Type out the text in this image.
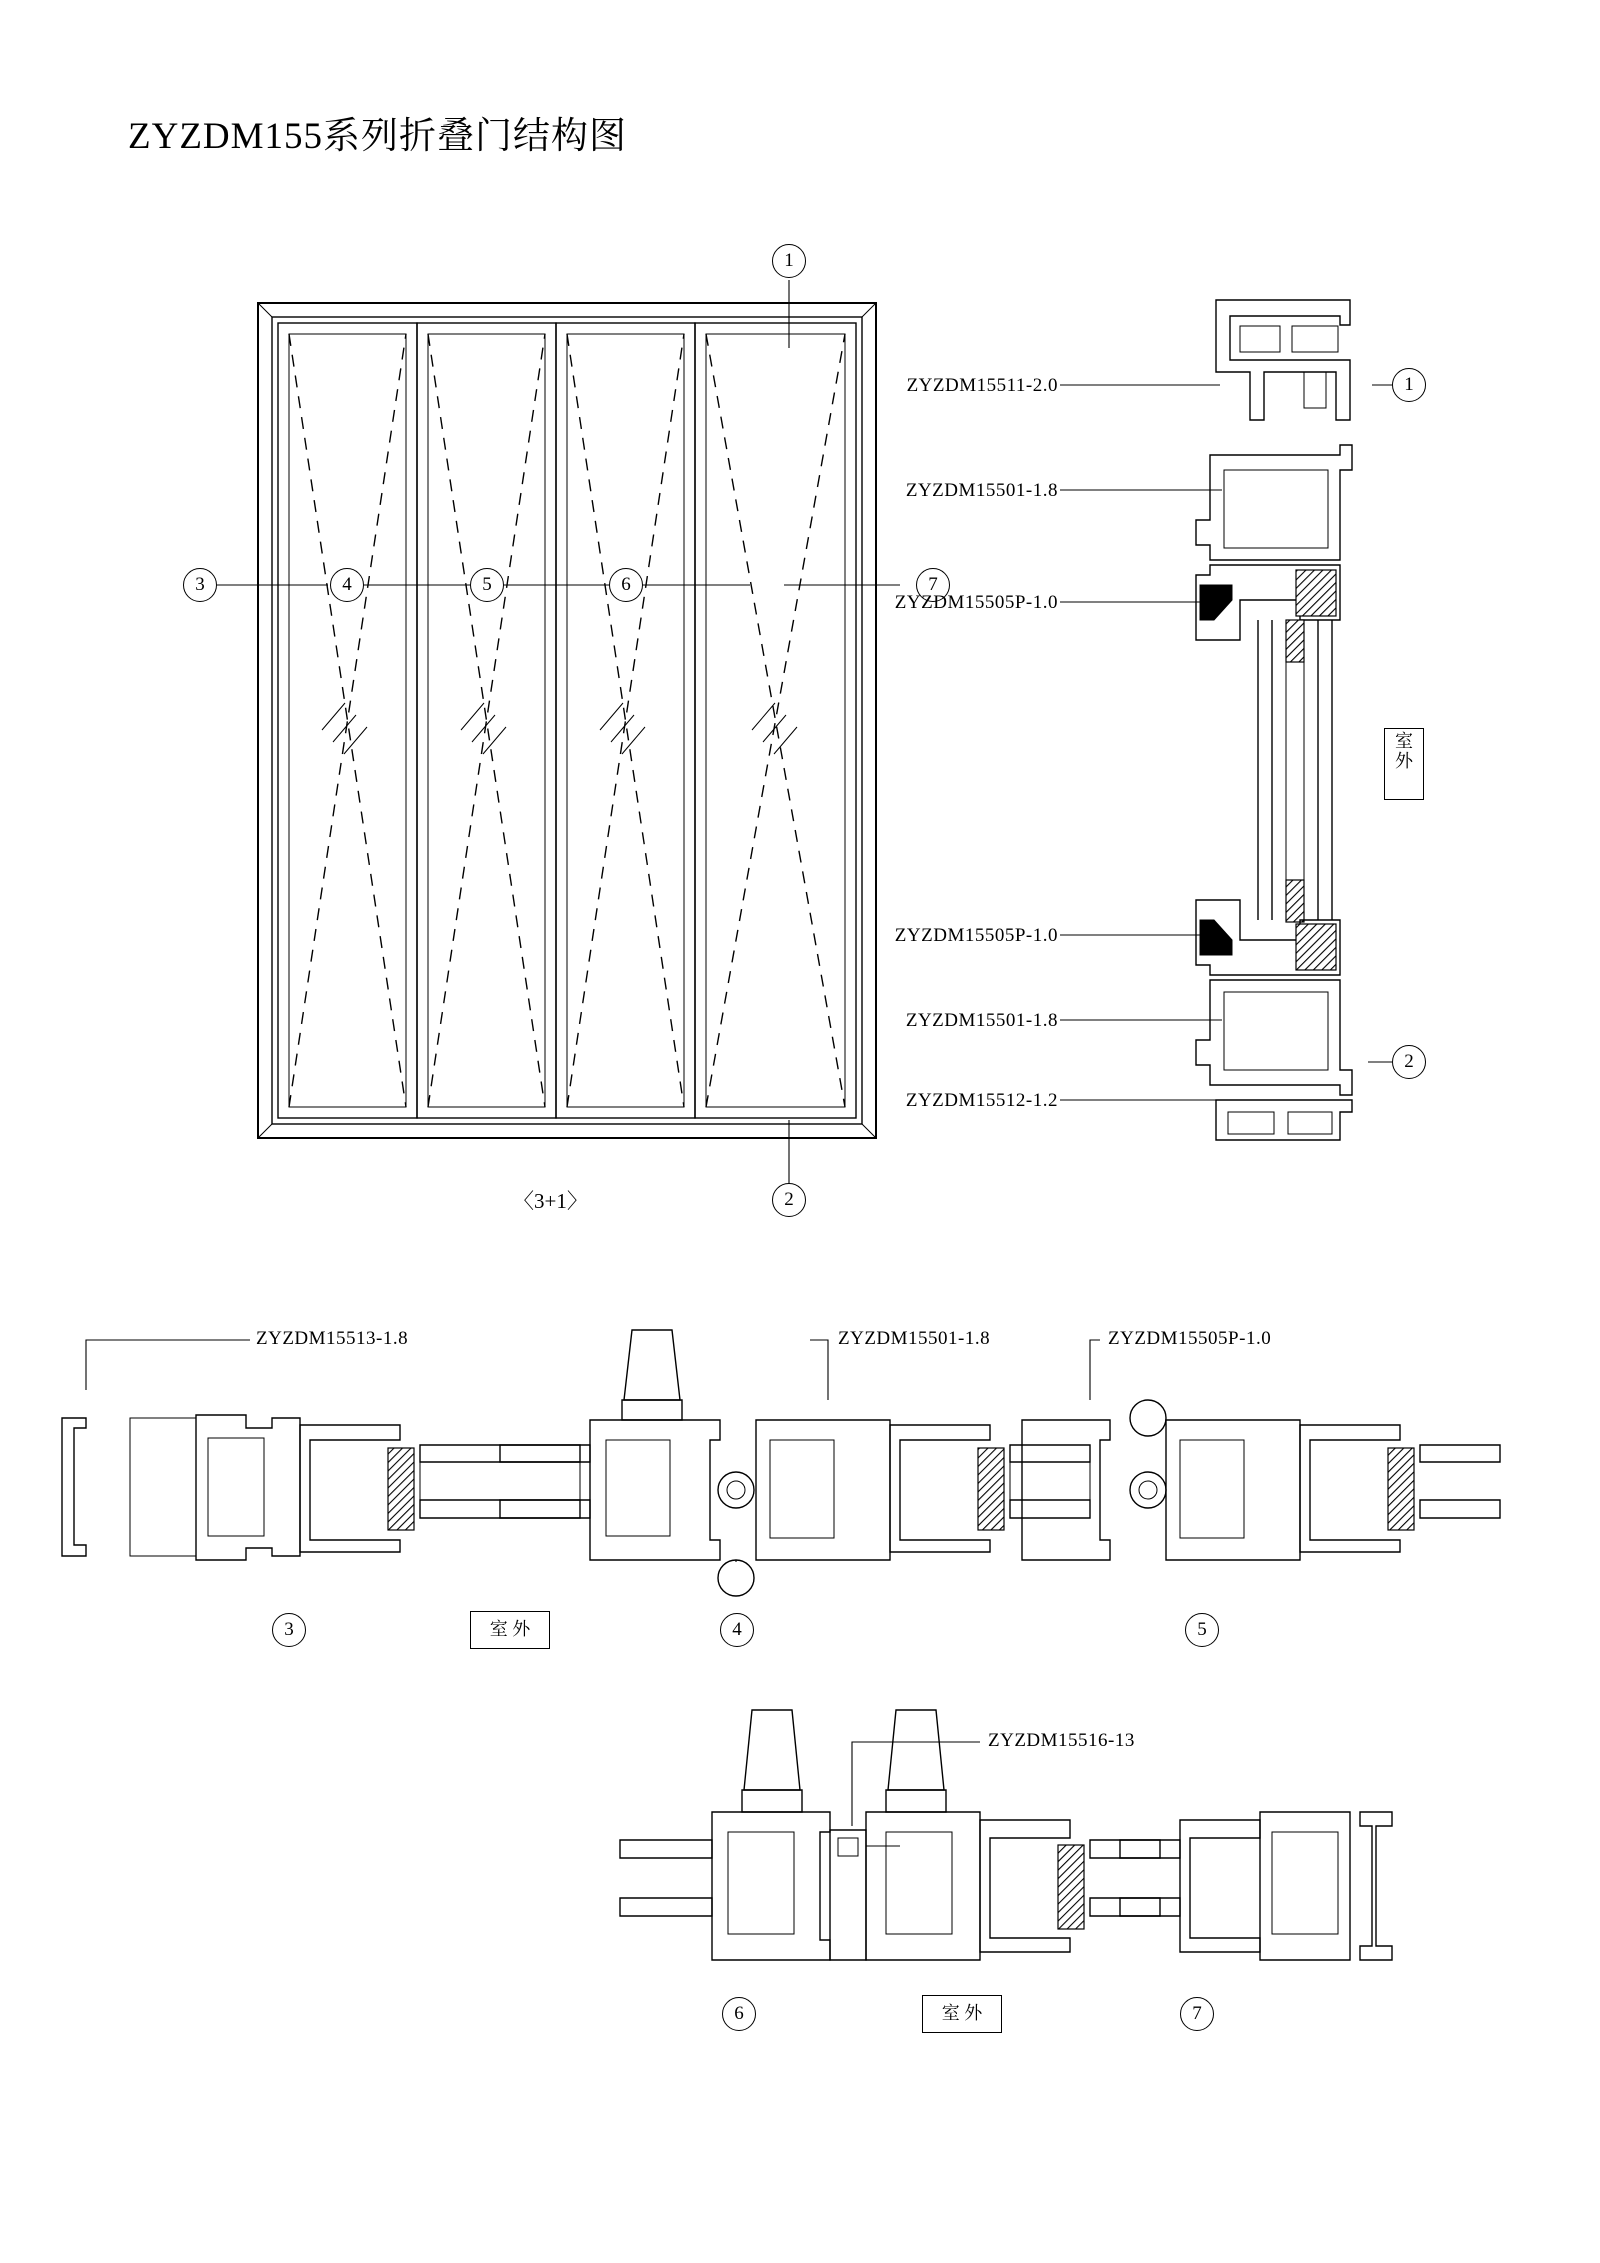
ZYZDM155系列折叠门结构图
1
2
3	4	5	6	7
〈3+1〉
ZYZDM15511-2.0
ZYZDM15501-1.8
ZYZDM15505P-1.0
ZYZDM15505P-1.0
ZYZDM15501-1.8
ZYZDM15512-1.2
1
2
室
外
ZYZDM15513-1.8	ZYZDM15501-1.8	ZYZDM15505P-1.0
3	4	5
室 外
ZYZDM15516-13
6	7
室 外
